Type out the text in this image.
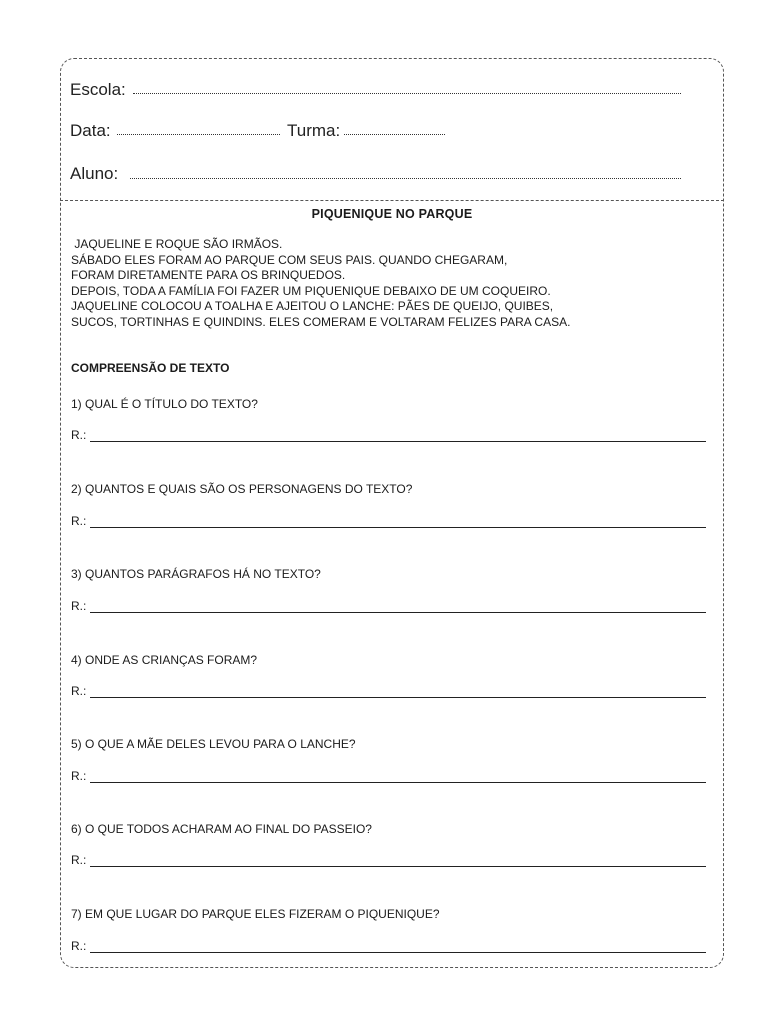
Escola:
Data:	Turma:
Aluno:
PIQUENIQUE NO PARQUE
JAQUELINE E ROQUE SÃO IRMÃOS.
SÁBADO ELES FORAM AO PARQUE COM SEUS PAIS. QUANDO CHEGARAM,
FORAM DIRETAMENTE PARA OS BRINQUEDOS.
DEPOIS, TODA A FAMÍLIA FOI FAZER UM PIQUENIQUE DEBAIXO DE UM COQUEIRO.
JAQUELINE COLOCOU A TOALHA E AJEITOU O LANCHE: PÃES DE QUEIJO, QUIBES,
SUCOS, TORTINHAS E QUINDINS. ELES COMERAM E VOLTARAM FELIZES PARA CASA.
COMPREENSÃO DE TEXTO
1) QUAL É O TÍTULO DO TEXTO?
R.:
2) QUANTOS E QUAIS SÃO OS PERSONAGENS DO TEXTO?
R.:
3) QUANTOS PARÁGRAFOS HÁ NO TEXTO?
R.:
4) ONDE AS CRIANÇAS FORAM?
R.:
5) O QUE A MÃE DELES LEVOU PARA O LANCHE?
R.:
6) O QUE TODOS ACHARAM AO FINAL DO PASSEIO?
R.:
7) EM QUE LUGAR DO PARQUE ELES FIZERAM O PIQUENIQUE?
R.:
